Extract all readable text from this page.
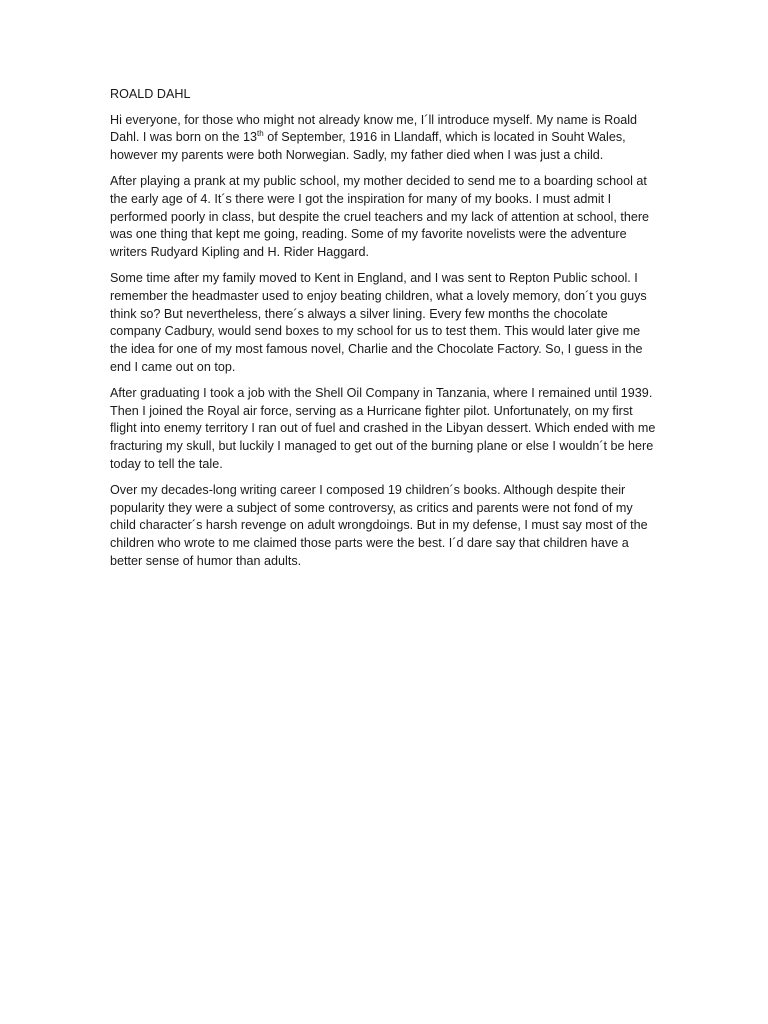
ROALD DAHL

Hi everyone, for those who might not already know me, I´ll introduce myself. My name is Roald Dahl. I was born on the 13th of September, 1916 in Llandaff, which is located in Souht Wales, however my parents were both Norwegian. Sadly, my father died when I was just a child.

After playing a prank at my public school, my mother decided to send me to a boarding school at the early age of 4. It´s there were I got the inspiration for many of my books. I must admit I performed poorly in class, but despite the cruel teachers and my lack of attention at school, there was one thing that kept me going, reading. Some of my favorite novelists were the adventure writers Rudyard Kipling and H. Rider Haggard.

Some time after my family moved to Kent in England, and I was sent to Repton Public school. I remember the headmaster used to enjoy beating children, what a lovely memory, don´t you guys think so? But nevertheless, there´s always a silver lining. Every few months the chocolate company Cadbury, would send boxes to my school for us to test them. This would later give me the idea for one of my most famous novel, Charlie and the Chocolate Factory. So, I guess in the end I came out on top.

After graduating I took a job with the Shell Oil Company in Tanzania, where I remained until 1939. Then I joined the Royal air force, serving as a Hurricane fighter pilot. Unfortunately, on my first flight into enemy territory I ran out of fuel and crashed in the Libyan dessert. Which ended with me fracturing my skull, but luckily I managed to get out of the burning plane or else I wouldn´t be here today to tell the tale.

Over my decades-long writing career I composed 19 children´s books. Although despite their popularity they were a subject of some controversy, as critics and parents were not fond of my child character´s harsh revenge on adult wrongdoings. But in my defense, I must say most of the children who wrote to me claimed those parts were the best. I´d dare say that children have a better sense of humor than adults.
